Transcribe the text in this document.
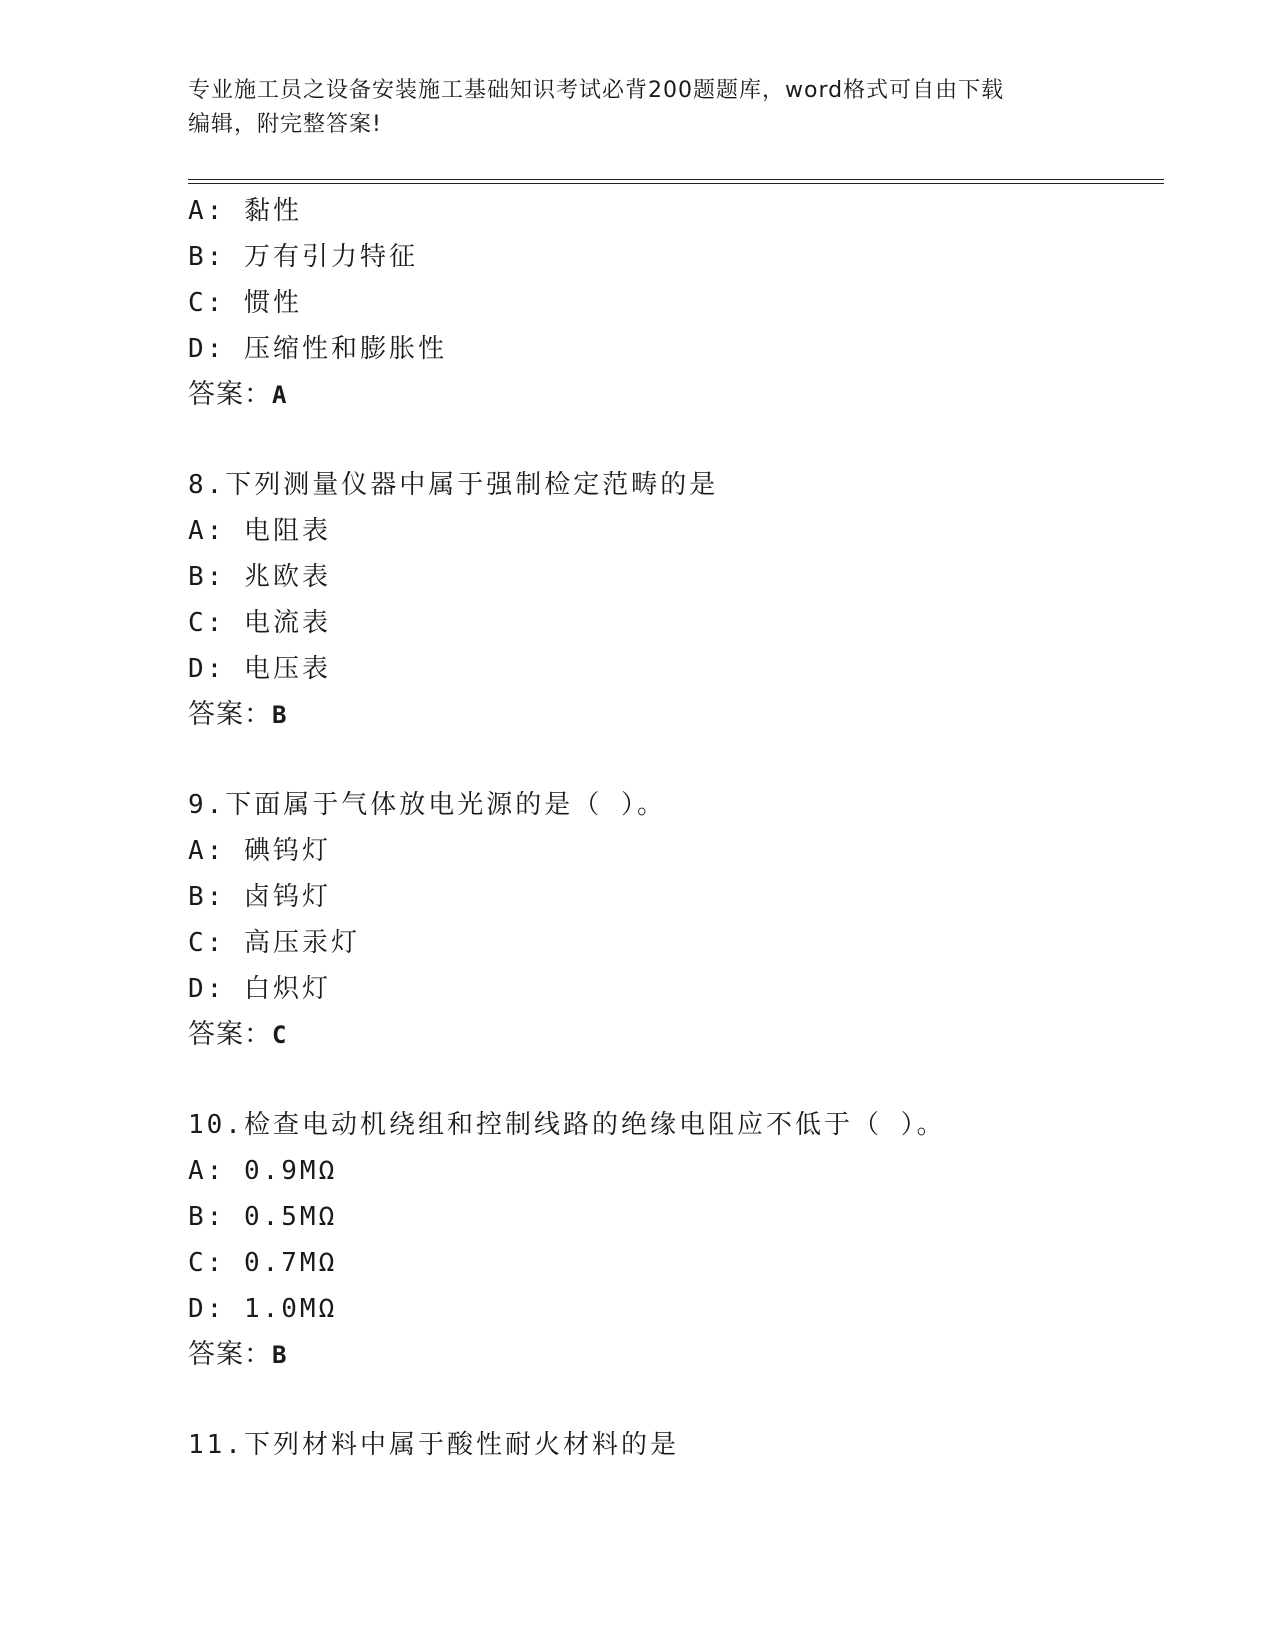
专业施工员之设备安装施工基础知识考试必背200题题库，word格式可自由下载
编辑，附完整答案!
A: 黏性
B: 万有引力特征
C: 惯性
D: 压缩性和膨胀性
答案：A
8.下列测量仪器中属于强制检定范畴的是
A: 电阻表
B: 兆欧表
C: 电流表
D: 电压表
答案：B
9.下面属于气体放电光源的是（ ）。
A: 碘钨灯
B: 卤钨灯
C: 高压汞灯
D: 白炽灯
答案：C
10.检查电动机绕组和控制线路的绝缘电阻应不低于（ ）。
A: 0.9MΩ
B: 0.5MΩ
C: 0.7MΩ
D: 1.0MΩ
答案：B
11.下列材料中属于酸性耐火材料的是
